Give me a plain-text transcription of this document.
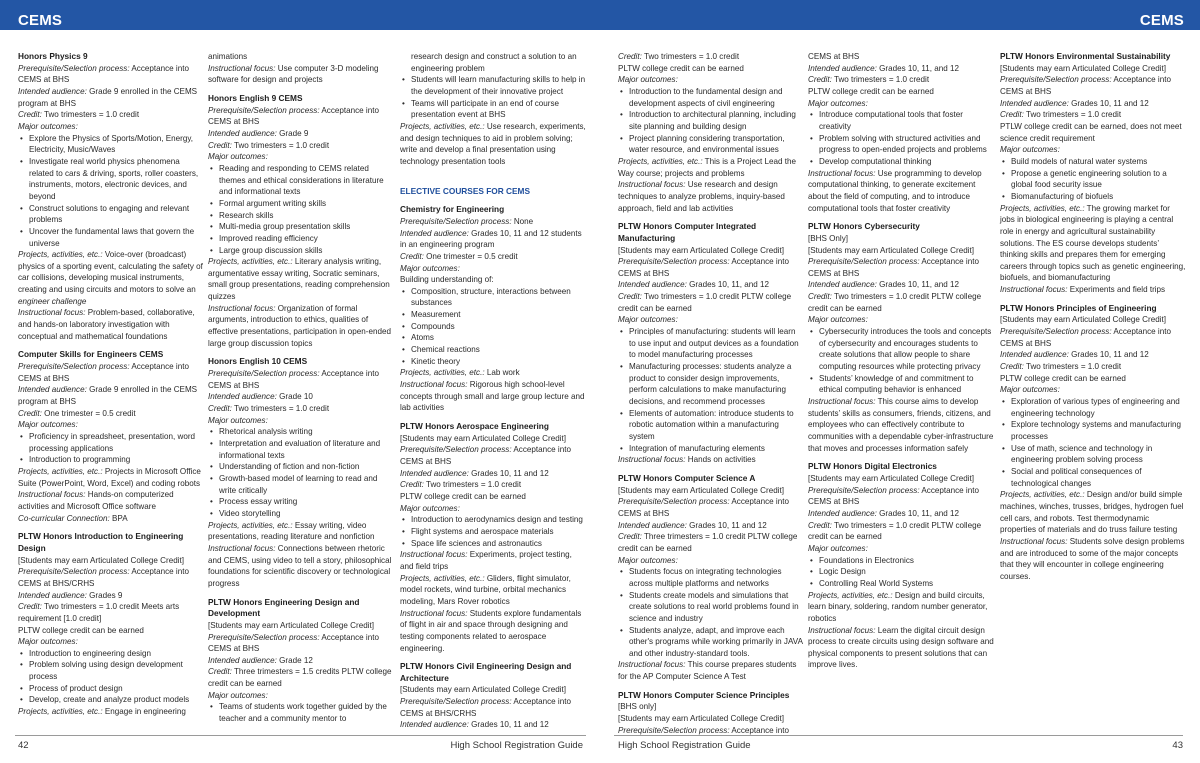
CEMS	CEMS

Honors Physics 9

Prerequisite/Selection process: Acceptance into CEMS at BHS

Intended audience: Grade 9 enrolled in the CEMS program at BHS

Credit: Two trimesters = 1.0 credit

Major outcomes:

• Explore the Physics of Sports/Motion, Energy, Electricity, Music/Waves
• Investigate real world physics phenomena related to cars & driving, sports, roller coasters, instruments, motors, electronic devices, and beyond
• Construct solutions to engaging and relevant problems
• Uncover the fundamental laws that govern the universe

Projects, activities, etc.: Voice-over (broadcast) physics of a sporting event, calculating the safety of car collisions, developing musical instruments, creating and using circuits and motors to solve an

engineer challenge

Instructional focus: Problem-based, collaborative, and hands-on laboratory investigation with conceptual and mathematical foundations

Computer Skills for Engineers CEMS

Prerequisite/Selection process: Acceptance into CEMS at BHS

Intended audience: Grade 9 enrolled in the CEMS program at BHS

Credit: One trimester = 0.5 credit

Major outcomes:

• Proficiency in spreadsheet, presentation, word processing applications
• Introduction to programming

Projects, activities, etc.: Projects in Microsoft Office Suite (PowerPoint, Word, Excel) and coding robots

Instructional focus: Hands-on computerized activities and Microsoft Office software

Co-curricular Connection: BPA

PLTW Honors Introduction to Engineering Design

[Students may earn Articulated College Credit]

Prerequisite/Selection process: Acceptance into CEMS at BHS/CRHS

Intended audience: Grades 9

Credit: Two trimesters = 1.0 credit Meets arts requirement [1.0 credit]

PLTW college credit can be earned

Major outcomes:

• Introduction to engineering design
• Problem solving using design development process
• Process of product design
• Develop, create and analyze product models

Projects, activities, etc.: Engage in engineering

animations

Instructional focus: Use computer 3-D modeling software for design and projects

Honors English 9 CEMS

Prerequisite/Selection process: Acceptance into CEMS at BHS

Intended audience: Grade 9

Credit: Two trimesters = 1.0 credit

Major outcomes:

• Reading and responding to CEMS related themes and ethical considerations in literature and informational texts
• Formal argument writing skills
• Research skills
• Multi-media group presentation skills
• Improved reading efficiency
• Large group discussion skills

Projects, activities, etc.: Literary analysis writing, argumentative essay writing, Socratic seminars, small group presentations, reading comprehension quizzes

Instructional focus: Organization of formal arguments, introduction to ethics, qualities of effective presentations, participation in open-ended large group discussion topics

Honors English 10 CEMS

Prerequisite/Selection process: Acceptance into CEMS at BHS

Intended audience: Grade 10

Credit: Two trimesters = 1.0 credit

Major outcomes:

• Rhetorical analysis writing
• Interpretation and evaluation of literature and informational texts
• Understanding of fiction and non-fiction
• Growth-based model of learning to read and write critically
• Process essay writing
• Video storytelling

Projects, activities, etc.: Essay writing, video presentations, reading literature and nonfiction

Instructional focus: Connections between rhetoric and CEMS, using video to tell a story, philosophical foundations for scientific discovery or technological progress

PLTW Honors Engineering Design and Development

[Students may earn Articulated College Credit]

Prerequisite/Selection process: Acceptance into CEMS at BHS

Intended audience: Grade 12

Credit: Three trimesters = 1.5 credits PLTW college credit can be earned

Major outcomes:

• Teams of students work together guided by the teacher and a community mentor to

research design and construct a solution to an engineering problem

• Students will learn manufacturing skills to help in the development of their innovative project
• Teams will participate in an end of course presentation event at BHS

Projects, activities, etc.: Use research, experiments, and design techniques to aid in problem solving; write and develop a final presentation using technology presentation tools

ELECTIVE COURSES FOR CEMS

Chemistry for Engineering

Prerequisite/Selection process: None

Intended audience: Grades 10, 11 and 12 students in an engineering program

Credit: One trimester = 0.5 credit

Major outcomes:

Building understanding of:

• Composition, structure, interactions between substances
• Measurement
• Compounds
• Atoms
• Chemical reactions
• Kinetic theory

Projects, activities, etc.: Lab work

Instructional focus: Rigorous high school-level concepts through small and large group lecture and lab activities

PLTW Honors Aerospace Engineering

[Students may earn Articulated College Credit]

Prerequisite/Selection process: Acceptance into CEMS at BHS

Intended audience: Grades 10, 11 and 12

Credit: Two trimesters = 1.0 credit

PLTW college credit can be earned

Major outcomes:

• Introduction to aerodynamics design and testing
• Flight systems and aerospace materials
• Space life sciences and astronautics

Instructional focus: Experiments, project testing, and field trips

Projects, activities, etc.: Gliders, flight simulator, model rockets, wind turbine, orbital mechanics modeling, Mars Rover robotics

Instructional focus: Students explore fundamentals of flight in air and space through designing and testing components related to aerospace engineering.

PLTW Honors Civil Engineering Design and Architecture

[Students may earn Articulated College Credit]

Prerequisite/Selection process: Acceptance into CEMS at BHS/CRHS

Intended audience: Grades 10, 11 and 12

Credit: Two trimesters = 1.0 credit

PLTW college credit can be earned

Major outcomes:

• Introduction to the fundamental design and development aspects of civil engineering
• Introduction to architectural planning, including site planning and building design
• Project planning considering transportation, water resource, and environmental issues

Projects, activities, etc.: This is a Project Lead the Way course; projects and problems

Instructional focus: Use research and design techniques to analyze problems, inquiry-based approach, field and lab activities

PLTW Honors Computer Integrated Manufacturing

[Students may earn Articulated College Credit]

Prerequisite/Selection process: Acceptance into CEMS at BHS

Intended audience: Grades 10, 11, and 12

Credit: Two trimesters = 1.0 credit PLTW college credit can be earned

Major outcomes:

• Principles of manufacturing: students will learn to use input and output devices as a foundation to model manufacturing processes
• Manufacturing processes: students analyze a product to consider design improvements, perform calculations to make manufacturing decisions, and recommend processes
• Elements of automation: introduce students to robotic automation within a manufacturing system
• Integration of manufacturing elements

Instructional focus: Hands on activities

PLTW Honors Computer Science A

[Students may earn Articulated College Credit]

Prerequisite/Selection process: Acceptance into CEMS at BHS

Intended audience: Grades 10, 11 and 12

Credit: Three trimesters = 1.0 credit PLTW college credit can be earned

Major outcomes:

• Students focus on integrating technologies across multiple platforms and networks
• Students create models and simulations that create solutions to real world problems found in science and industry
• Students analyze, adapt, and improve each other's programs while working primarily in JAVA and other industry-standard tools.

Instructional focus: This course prepares students for the AP Computer Science A Test

PLTW Honors Computer Science Principles

[BHS only]

[Students may earn Articulated College Credit]

Prerequisite/Selection process: Acceptance into

CEMS at BHS

Intended audience: Grades 10, 11, and 12

Credit: Two trimesters = 1.0 credit

PLTW college credit can be earned

Major outcomes:

• Introduce computational tools that foster creativity
• Problem solving with structured activities and progress to open-ended projects and problems
• Develop computational thinking

Instructional focus: Use programming to develop computational thinking, to generate excitement about the field of computing, and to introduce computational tools that foster creativity

PLTW Honors Cybersecurity

[BHS Only]

[Students may earn Articulated College Credit]

Prerequisite/Selection process: Acceptance into CEMS at BHS

Intended audience: Grades 10, 11, and 12

Credit: Two trimesters = 1.0 credit PLTW college credit can be earned

Major outcomes:

• Cybersecurity introduces the tools and concepts of cybersecurity and encourages students to create solutions that allow people to share computing resources while protecting privacy
• Students’ knowledge of and commitment to ethical computing behavior is enhanced

Instructional focus: This course aims to develop students’ skills as consumers, friends, citizens, and employees who can effectively contribute to communities with a dependable cyber-infrastructure that moves and processes information safely

PLTW Honors Digital Electronics

[Students may earn Articulated College Credit]

Prerequisite/Selection process: Acceptance into CEMS at BHS

Intended audience: Grades 10, 11, and 12

Credit: Two trimesters = 1.0 credit PLTW college credit can be earned

Major outcomes:

• Foundations in Electronics
• Logic Design
• Controlling Real World Systems

Projects, activities, etc.: Design and build circuits, learn binary, soldering, random number generator, robotics

Instructional focus: Learn the digital circuit design process to create circuits using design software and physical components to present solutions that can improve lives.

PLTW Honors Environmental Sustainability

[Students may earn Articulated College Credit]

Prerequisite/Selection process: Acceptance into CEMS at BHS

Intended audience: Grades 10, 11 and 12

Credit: Two trimesters = 1.0 credit

PTLW college credit can be earned, does not meet science credit requirement

Major outcomes:

• Build models of natural water systems
• Propose a genetic engineering solution to a global food security issue
• Biomanufacturing of biofuels

Projects, activities, etc.: The growing market for jobs in biological engineering is playing a central role in energy and agricultural sustainability solutions. The ES course develops students’ thinking skills and prepares them for emerging careers through topics such as genetic engineering, biofuels, and biomanufacturing

Instructional focus: Experiments and field trips

PLTW Honors Principles of Engineering

[Students may earn Articulated College Credit]

Prerequisite/Selection process: Acceptance into CEMS at BHS

Intended audience: Grades 10, 11 and 12

Credit: Two trimesters = 1.0 credit

PLTW college credit can be earned

Major outcomes:

• Exploration of various types of engineering and engineering technology
• Explore technology systems and manufacturing processes
• Use of math, science and technology in engineering problem solving process
• Social and political consequences of technological changes

Projects, activities, etc.: Design and/or build simple machines, winches, trusses, bridges, hydrogen fuel cell cars, and robots. Test thermodynamic properties of materials and do truss failure testing

Instructional focus: Students solve design problems and are introduced to some of the major concepts that they will encounter in college engineering courses.

42	High School Registration Guide	High School Registration Guide	43
